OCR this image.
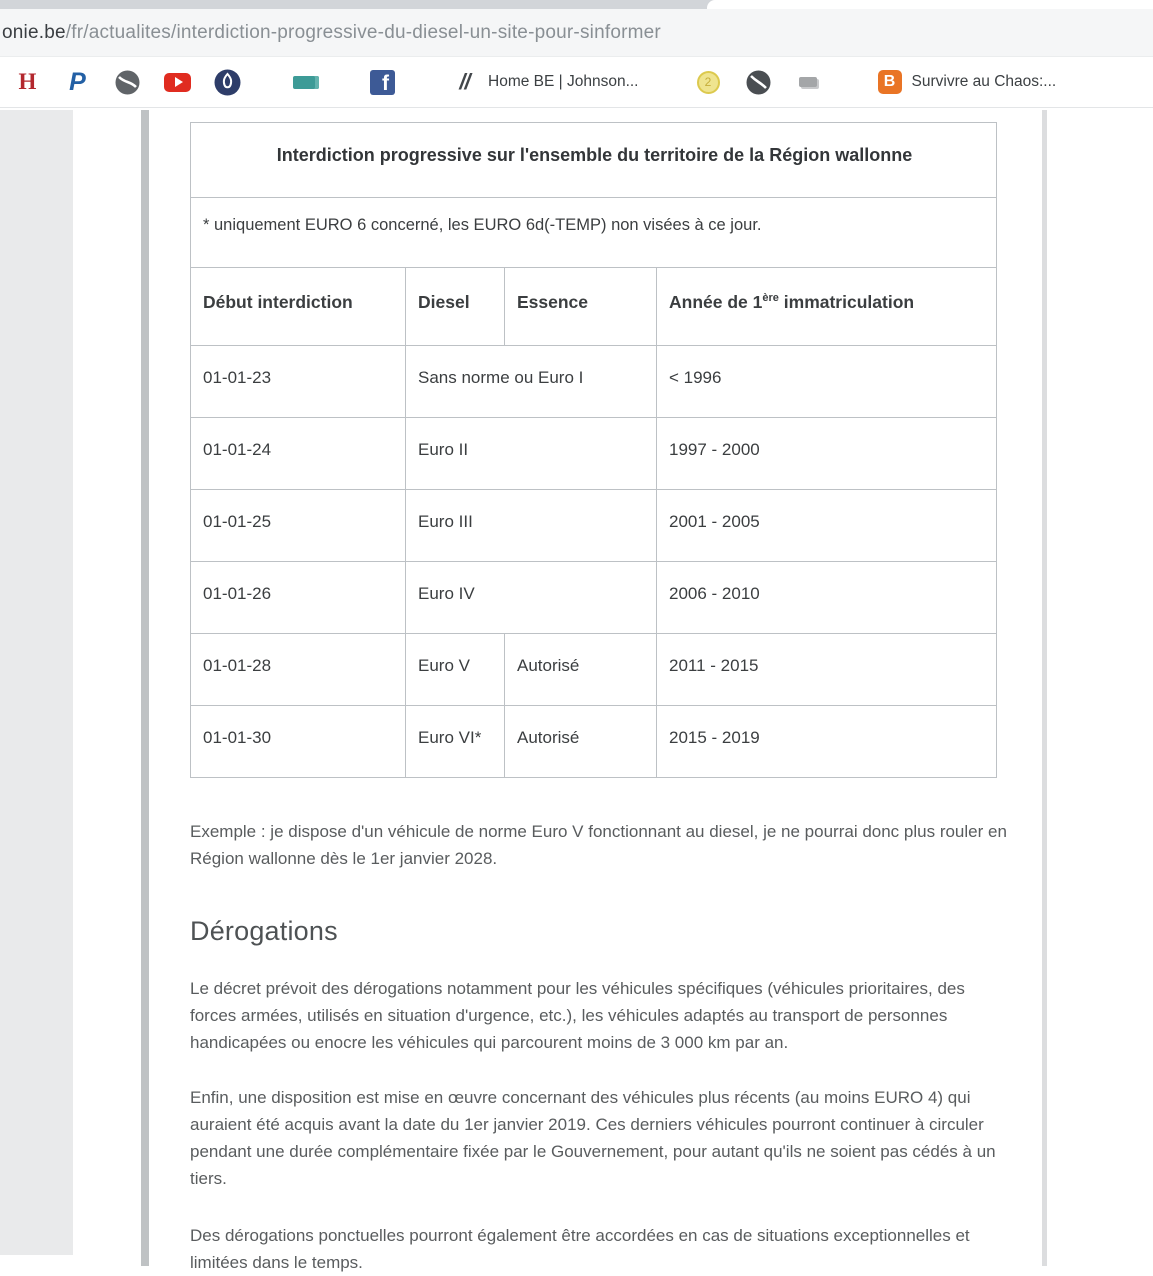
onie.be/fr/actualites/interdiction-progressive-du-diesel-un-site-pour-sinformer
H P	f	//	Home BE | Johnson...	2	B	Survivre au Chaos:...
Interdiction progressive sur l'ensemble du territoire de la Région wallonne			
* uniquement EURO 6 concerné, les EURO 6d(-TEMP) non visées à ce jour.			
Début interdiction	Diesel	Essence	Année de 1ère immatriculation
01-01-23	Sans norme ou Euro I		< 1996
01-01-24	Euro II		1997 - 2000
01-01-25	Euro III		2001 - 2005
01-01-26	Euro IV		2006 - 2010
01-01-28	Euro V	Autorisé	2011 - 2015
01-01-30	Euro VI*	Autorisé	2015 - 2019

Exemple : je dispose d'un véhicule de norme Euro V fonctionnant au diesel, je ne pourrai donc plus rouler en Région wallonne dès le 1er janvier 2028.

Dérogations

Le décret prévoit des dérogations notamment pour les véhicules spécifiques (véhicules prioritaires, des forces armées, utilisés en situation d'urgence, etc.), les véhicules adaptés au transport de personnes handicapées ou enocre les véhicules qui parcourent moins de 3 000 km par an.

Enfin, une disposition est mise en œuvre concernant des véhicules plus récents (au moins EURO 4) qui auraient été acquis avant la date du 1er janvier 2019. Ces derniers véhicules pourront continuer à circuler pendant une durée complémentaire fixée par le Gouvernement, pour autant qu'ils ne soient pas cédés à un tiers.

Des dérogations ponctuelles pourront également être accordées en cas de situations exceptionnelles et limitées dans le temps.
